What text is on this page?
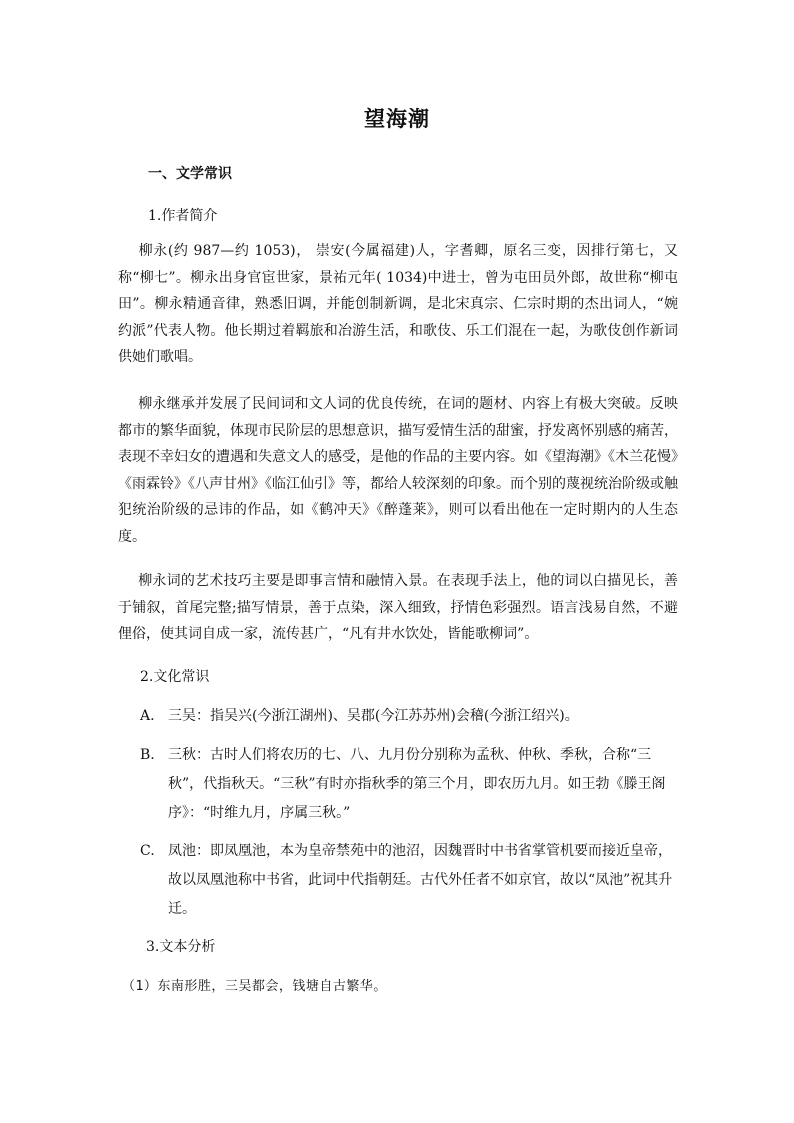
望海潮
一、文学常识
1.作者简介
柳永(约 987—约 1053)， 崇安(今属福建)人，字耆卿，原名三变，因排行第七，又称“柳七”。柳永出身官宦世家，景祐元年( 1034)中进士，曾为屯田员外郎，故世称“柳屯田”。柳永精通音律，熟悉旧调，并能创制新调，是北宋真宗、仁宗时期的杰出词人，“婉约派”代表人物。他长期过着羁旅和冶游生活，和歌伎、乐工们混在一起，为歌伎创作新词供她们歌唱。
柳永继承并发展了民间词和文人词的优良传统，在词的题材、内容上有极大突破。反映都市的繁华面貌，体现市民阶层的思想意识，描写爱情生活的甜蜜，抒发离怀别感的痛苦，表现不幸妇女的遭遇和失意文人的感受，是他的作品的主要内容。如《望海潮》《木兰花慢》《雨霖铃》《八声甘州》《临江仙引》等，都给人较深刻的印象。而个别的蔑视统治阶级或触犯统治阶级的忌讳的作品，如《鹤冲天》《醉蓬莱》，则可以看出他在一定时期内的人生态度。
柳永词的艺术技巧主要是即事言情和融情入景。在表现手法上，他的词以白描见长，善于铺叙，首尾完整;描写情景，善于点染，深入细致，抒情色彩强烈。语言浅易自然，不避俚俗，使其词自成一家，流传甚广，“凡有井水饮处，皆能歌柳词”。
2.文化常识
A. 三吴：指吴兴(今浙江湖州)、吴郡(今江苏苏州)会稽(今浙江绍兴)。
B. 三秋：古时人们将农历的七、八、九月份分别称为孟秋、仲秋、季秋，合称“三秋”，代指秋天。“三秋”有时亦指秋季的第三个月，即农历九月。如王勃《滕王阁序》：“时维九月，序属三秋。”
C. 凤池：即凤凰池，本为皇帝禁苑中的池沼，因魏晋时中书省掌管机要而接近皇帝，故以凤凰池称中书省，此词中代指朝廷。古代外任者不如京官，故以“凤池”祝其升迁。
3.文本分析
（1）东南形胜，三吴都会，钱塘自古繁华。
